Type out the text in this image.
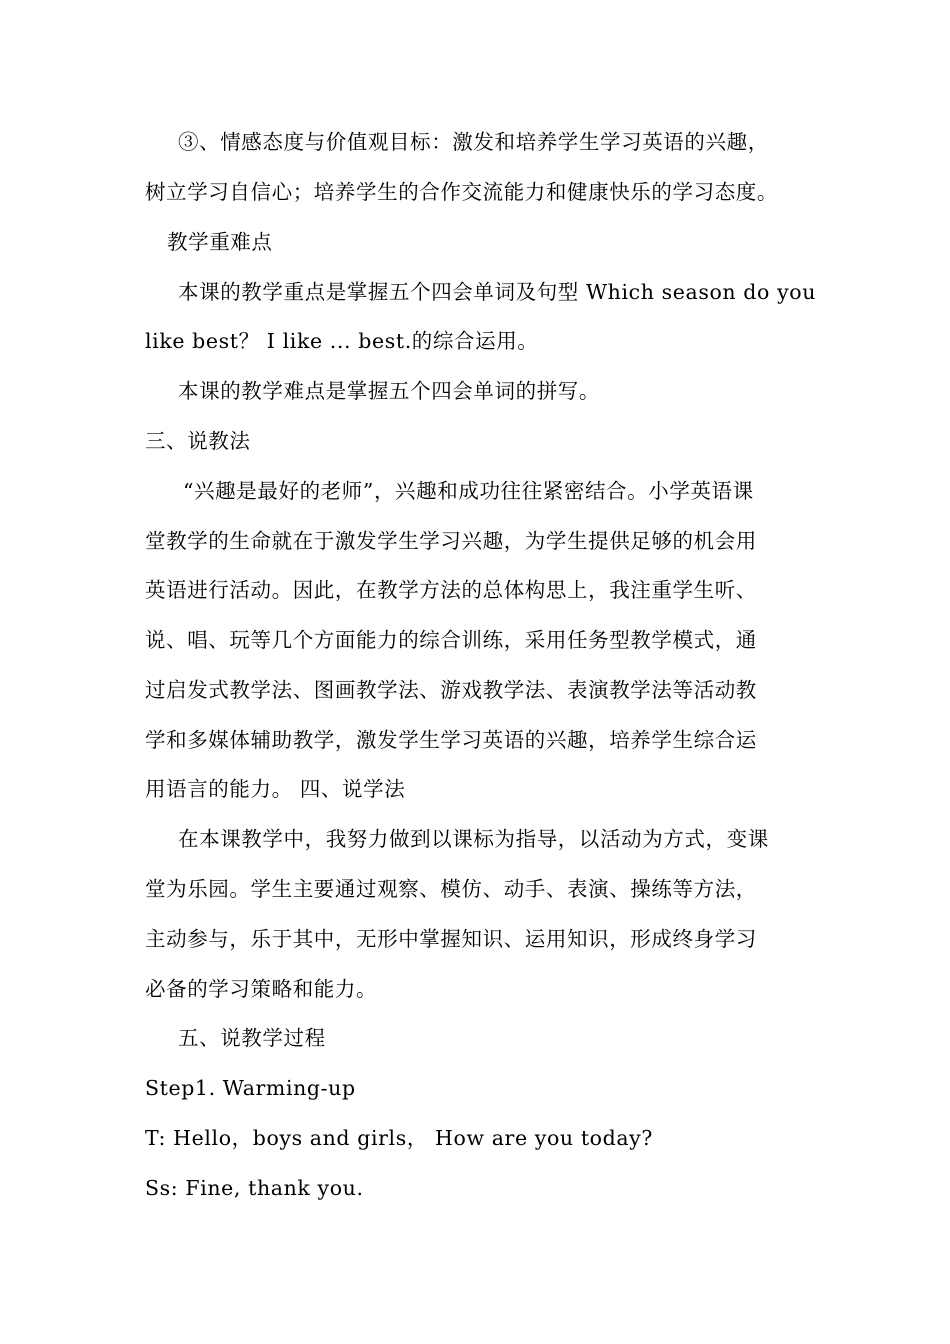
③、情感态度与价值观目标：激发和培养学生学习英语的兴趣，
树立学习自信心；培养学生的合作交流能力和健康快乐的学习态度。
教学重难点
本课的教学重点是掌握五个四会单词及句型 Which season do you
like best？ I like ... best.的综合运用。
本课的教学难点是掌握五个四会单词的拼写。
三、说教法
“兴趣是最好的老师”，兴趣和成功往往紧密结合。小学英语课
堂教学的生命就在于激发学生学习兴趣，为学生提供足够的机会用
英语进行活动。因此，在教学方法的总体构思上，我注重学生听、
说、唱、玩等几个方面能力的综合训练，采用任务型教学模式，通
过启发式教学法、图画教学法、游戏教学法、表演教学法等活动教
学和多媒体辅助教学，激发学生学习英语的兴趣，培养学生综合运
用语言的能力。 四、说学法
在本课教学中，我努力做到以课标为指导，以活动为方式，变课
堂为乐园。学生主要通过观察、模仿、动手、表演、操练等方法，
主动参与，乐于其中，无形中掌握知识、运用知识，形成终身学习
必备的学习策略和能力。
五、说教学过程
Step1. Warming-up
T: Hello，boys and girls， How are you today?
Ss: Fine, thank you.
